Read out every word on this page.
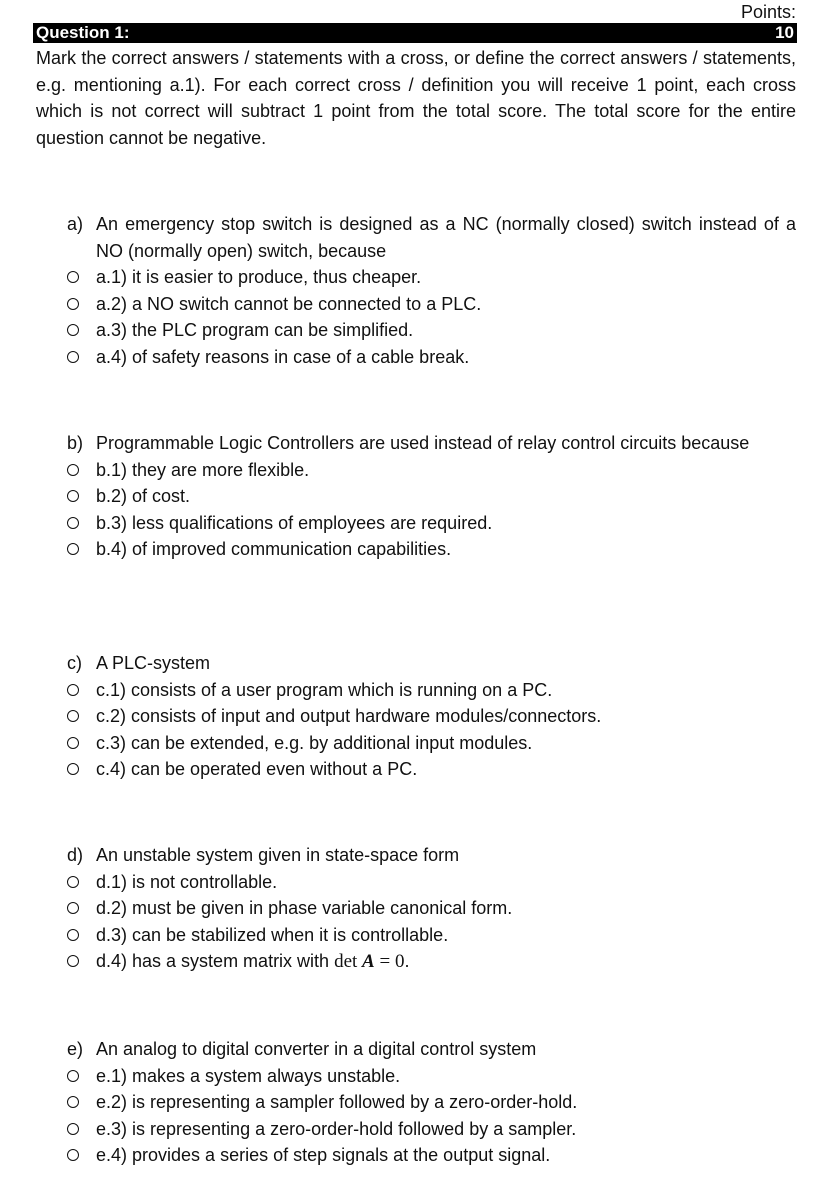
Points:
Question 1:	10
Mark the correct answers / statements with a cross, or define the correct answers / statements, e.g. mentioning a.1). For each correct cross / definition you will receive 1 point, each cross which is not correct will subtract 1 point from the total score. The total score for the entire question cannot be negative.
a) An emergency stop switch is designed as a NC (normally closed) switch instead of a NO (normally open) switch, because
a.1) it is easier to produce, thus cheaper.
a.2) a NO switch cannot be connected to a PLC.
a.3) the PLC program can be simplified.
a.4) of safety reasons in case of a cable break.
b) Programmable Logic Controllers are used instead of relay control circuits because
b.1) they are more flexible.
b.2) of cost.
b.3) less qualifications of employees are required.
b.4) of improved communication capabilities.
c) A PLC-system
c.1) consists of a user program which is running on a PC.
c.2) consists of input and output hardware modules/connectors.
c.3) can be extended, e.g. by additional input modules.
c.4) can be operated even without a PC.
d) An unstable system given in state-space form
d.1) is not controllable.
d.2) must be given in phase variable canonical form.
d.3) can be stabilized when it is controllable.
d.4) has a system matrix with det A = 0.
e) An analog to digital converter in a digital control system
e.1) makes a system always unstable.
e.2) is representing a sampler followed by a zero-order-hold.
e.3) is representing a zero-order-hold followed by a sampler.
e.4) provides a series of step signals at the output signal.
